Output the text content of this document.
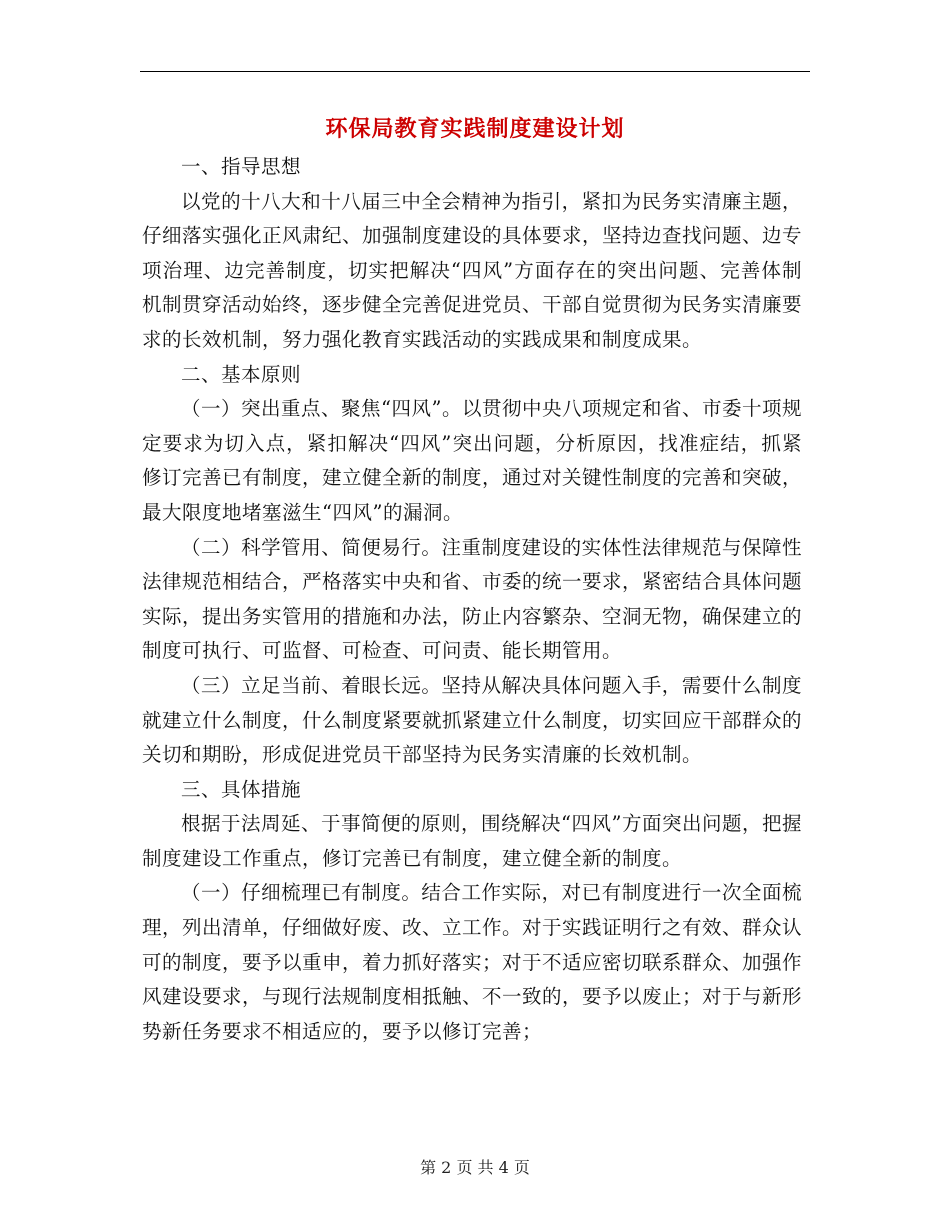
环保局教育实践制度建设计划

一、指导思想

以党的十八大和十八届三中全会精神为指引，紧扣为民务实清廉主题，仔细落实强化正风肃纪、加强制度建设的具体要求，坚持边查找问题、边专项治理、边完善制度，切实把解决“四风”方面存在的突出问题、完善体制机制贯穿活动始终，逐步健全完善促进党员、干部自觉贯彻为民务实清廉要求的长效机制，努力强化教育实践活动的实践成果和制度成果。

二、基本原则

（一）突出重点、聚焦“四风”。以贯彻中央八项规定和省、市委十项规定要求为切入点，紧扣解决“四风”突出问题，分析原因，找准症结，抓紧修订完善已有制度，建立健全新的制度，通过对关键性制度的完善和突破，最大限度地堵塞滋生“四风”的漏洞。

（二）科学管用、简便易行。注重制度建设的实体性法律规范与保障性法律规范相结合，严格落实中央和省、市委的统一要求，紧密结合具体问题实际，提出务实管用的措施和办法，防止内容繁杂、空洞无物，确保建立的制度可执行、可监督、可检查、可问责、能长期管用。

（三）立足当前、着眼长远。坚持从解决具体问题入手，需要什么制度就建立什么制度，什么制度紧要就抓紧建立什么制度，切实回应干部群众的关切和期盼，形成促进党员干部坚持为民务实清廉的长效机制。

三、具体措施

根据于法周延、于事简便的原则，围绕解决“四风”方面突出问题，把握制度建设工作重点，修订完善已有制度，建立健全新的制度。

（一）仔细梳理已有制度。结合工作实际，对已有制度进行一次全面梳理，列出清单，仔细做好废、改、立工作。对于实践证明行之有效、群众认可的制度，要予以重申，着力抓好落实；对于不适应密切联系群众、加强作风建设要求，与现行法规制度相抵触、不一致的，要予以废止；对于与新形势新任务要求不相适应的，要予以修订完善；

第 2 页 共 4 页
